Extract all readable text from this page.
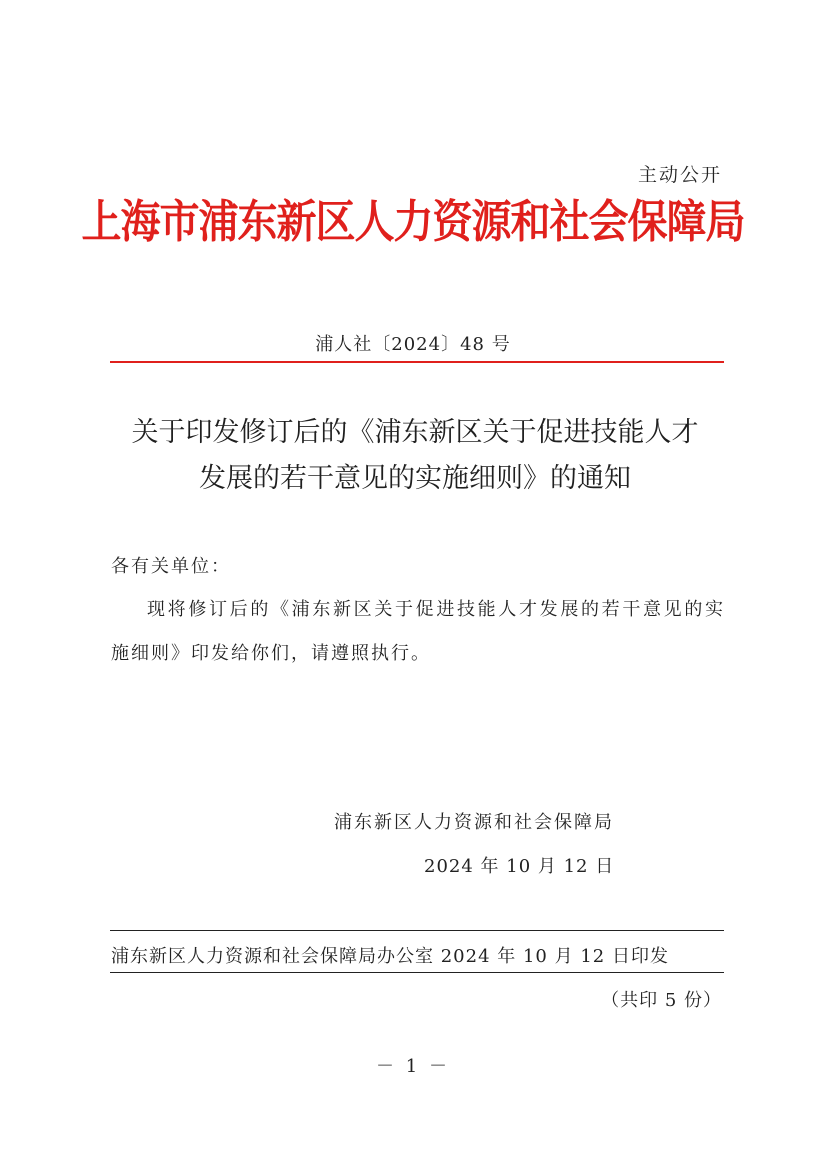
主动公开
上海市浦东新区人力资源和社会保障局
浦人社〔2024〕48 号
关于印发修订后的《浦东新区关于促进技能人才
发展的若干意见的实施细则》的通知
各有关单位：
现将修订后的《浦东新区关于促进技能人才发展的若干意见的实施细则》印发给你们，请遵照执行。
浦东新区人力资源和社会保障局
2024 年 10 月 12 日
浦东新区人力资源和社会保障局办公室 2024 年 10 月 12 日印发
（共印 5 份）
－ 1 －
